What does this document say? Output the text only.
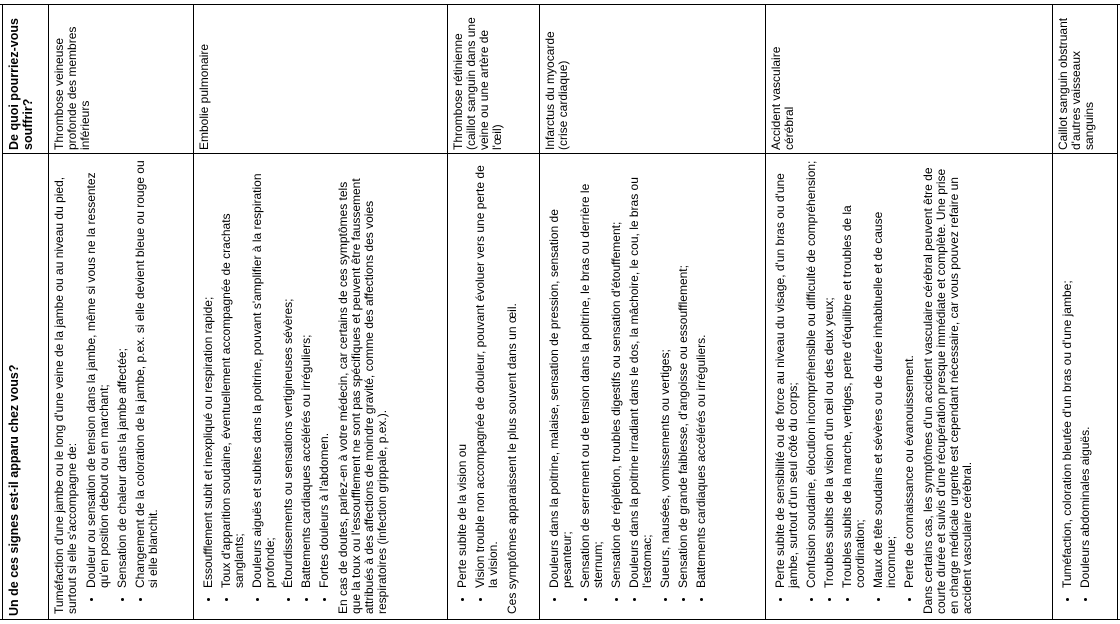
De quoi pourriez-vous souffrir?
Un de ces signes est-il apparu chez vous?
Thrombose veineuse profonde des membres inférieurs

Tuméfaction d'une jambe ou le long d'une veine de la jambe ou au niveau du pied, surtout si elle s'accompagne de: • Douleur ou sensation de tension dans la jambe, même si vous ne la ressentez qu'en position debout ou en marchant; • Sensation de chaleur dans la jambe affectée; • Changement de la coloration de la jambe, p.ex. si elle devient bleue ou rouge ou si elle blanchit.
Embolie pulmonaire
• Essoufflement subit et inexpliqué ou respiration rapide; • Toux d'apparition soudaine, éventuellement accompagnée de crachats sanglants; • Douleurs aiguës et subites dans la poitrine, pouvant s'amplifier à la respiration profonde; • Étourdissements ou sensations vertigineuses sévères; • Battements cardiaques accélérés ou irréguliers; • Fortes douleurs à l'abdomen. En cas de doutes, parlez-en à votre médecin, car certains de ces symptômes tels que la toux ou l'essoufflement ne sont pas spécifiques et peuvent être faussement attribués à des affections de moindre gravité, comme des affections des voies respiratoires (infection grippale, p.ex.).

Thrombose rétinienne (caillot sanguin dans une veine ou une artère de l'œil)
• Perte subite de la vision ou • Vision trouble non accompagnée de douleur, pouvant évoluer vers une perte de la vision. Ces symptômes apparaissent le plus souvent dans un œil.

Infarctus du myocarde (crise cardiaque)
• Douleurs dans la poitrine, malaise, sensation de pression, sensation de pesanteur; • Sensation de serrement ou de tension dans la poitrine, le bras ou derrière le sternum; • Sensation de réplétion, troubles digestifs ou sensation d'étouffement; • Douleurs dans la poitrine irradiant dans le dos, la mâchoire, le cou, le bras ou l'estomac; • Sueurs, nausées, vomissements ou vertiges; • Sensation de grande faiblesse, d'angoisse ou essoufflement; • Battements cardiaques accélérés ou irréguliers.
Accident vasculaire cérébral
• Perte subite de sensibilité ou de force au niveau du visage, d'un bras ou d'une jambe, surtout d'un seul côté du corps; • Confusion soudaine, élocution incompréhensible ou difficulté de compréhension; • Troubles subits de la vision d'un œil ou des deux yeux; • Troubles subits de la marche, vertiges, perte d'équilibre et troubles de la coordination; • Maux de tête soudains et sévères ou de durée inhabituelle et de cause inconnue; • Perte de connaissance ou évanouissement. Dans certains cas, les symptômes d'un accident vasculaire cérébral peuvent être de courte durée et suivis d'une récupération presque immédiate et complète. Une prise en charge médicale urgente est cependant nécessaire, car vous pouvez refaire un accident vasculaire cérébral.

Caillot sanguin obstruant d'autres vaisseaux sanguins
• Tuméfaction, coloration bleutée d'un bras ou d'une jambe; • Douleurs abdominales aiguës.
